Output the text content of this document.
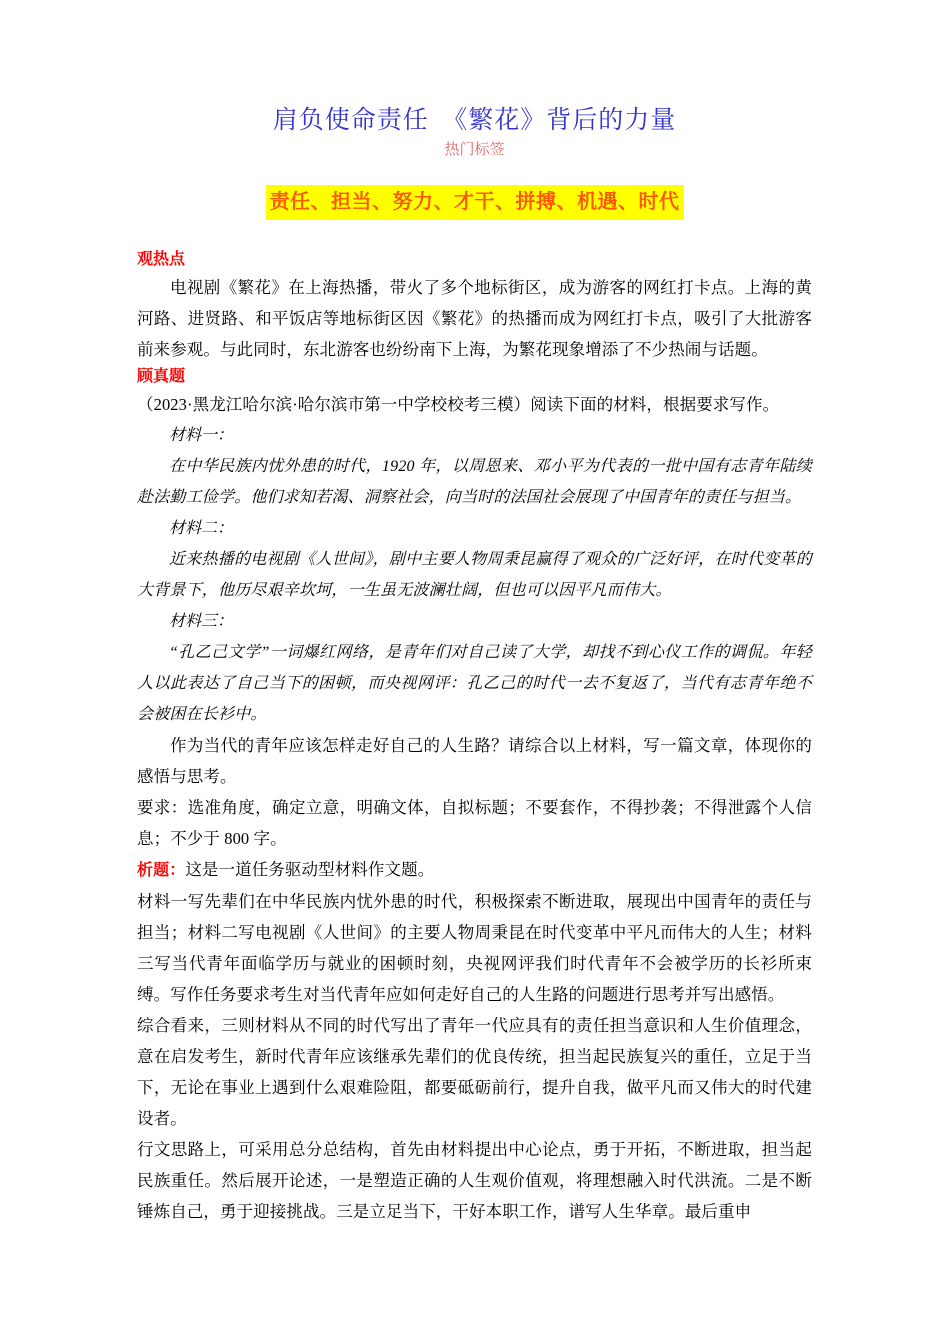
肩负使命责任　《繁花》背后的力量
热门标签
责任、担当、努力、才干、拼搏、机遇、时代
观热点

电视剧《繁花》在上海热播，带火了多个地标街区，成为游客的网红打卡点。上海的黄河路、进贤路、和平饭店等地标街区因《繁花》的热播而成为网红打卡点，吸引了大批游客前来参观。与此同时，东北游客也纷纷南下上海，为繁花现象增添了不少热闹与话题。

顾真题

（2023·黑龙江哈尔滨·哈尔滨市第一中学校校考三模）阅读下面的材料，根据要求写作。

材料一：

在中华民族内忧外患的时代，1920 年，以周恩来、邓小平为代表的一批中国有志青年陆续赴法勤工俭学。他们求知若渴、洞察社会，向当时的法国社会展现了中国青年的责任与担当。

材料二：

近来热播的电视剧《人世间》，剧中主要人物周秉昆赢得了观众的广泛好评，在时代变革的大背景下，他历尽艰辛坎坷，一生虽无波澜壮阔，但也可以因平凡而伟大。

材料三：

“孔乙己文学”一词爆红网络，是青年们对自己读了大学，却找不到心仪工作的调侃。年轻人以此表达了自己当下的困顿，而央视网评：孔乙己的时代一去不复返了，当代有志青年绝不会被困在长衫中。

作为当代的青年应该怎样走好自己的人生路？请综合以上材料，写一篇文章，体现你的感悟与思考。

要求：选准角度，确定立意，明确文体，自拟标题；不要套作，不得抄袭；不得泄露个人信息；不少于 800 字。

析题：这是一道任务驱动型材料作文题。

材料一写先辈们在中华民族内忧外患的时代，积极探索不断进取，展现出中国青年的责任与担当；材料二写电视剧《人世间》的主要人物周秉昆在时代变革中平凡而伟大的人生；材料三写当代青年面临学历与就业的困顿时刻，央视网评我们时代青年不会被学历的长衫所束缚。写作任务要求考生对当代青年应如何走好自己的人生路的问题进行思考并写出感悟。

综合看来，三则材料从不同的时代写出了青年一代应具有的责任担当意识和人生价值理念，意在启发考生，新时代青年应该继承先辈们的优良传统，担当起民族复兴的重任，立足于当下，无论在事业上遇到什么艰难险阻，都要砥砺前行，提升自我，做平凡而又伟大的时代建设者。

行文思路上，可采用总分总结构，首先由材料提出中心论点，勇于开拓，不断进取，担当起民族重任。然后展开论述，一是塑造正确的人生观价值观，将理想融入时代洪流。二是不断锤炼自己，勇于迎接挑战。三是立足当下，干好本职工作，谱写人生华章。最后重申
